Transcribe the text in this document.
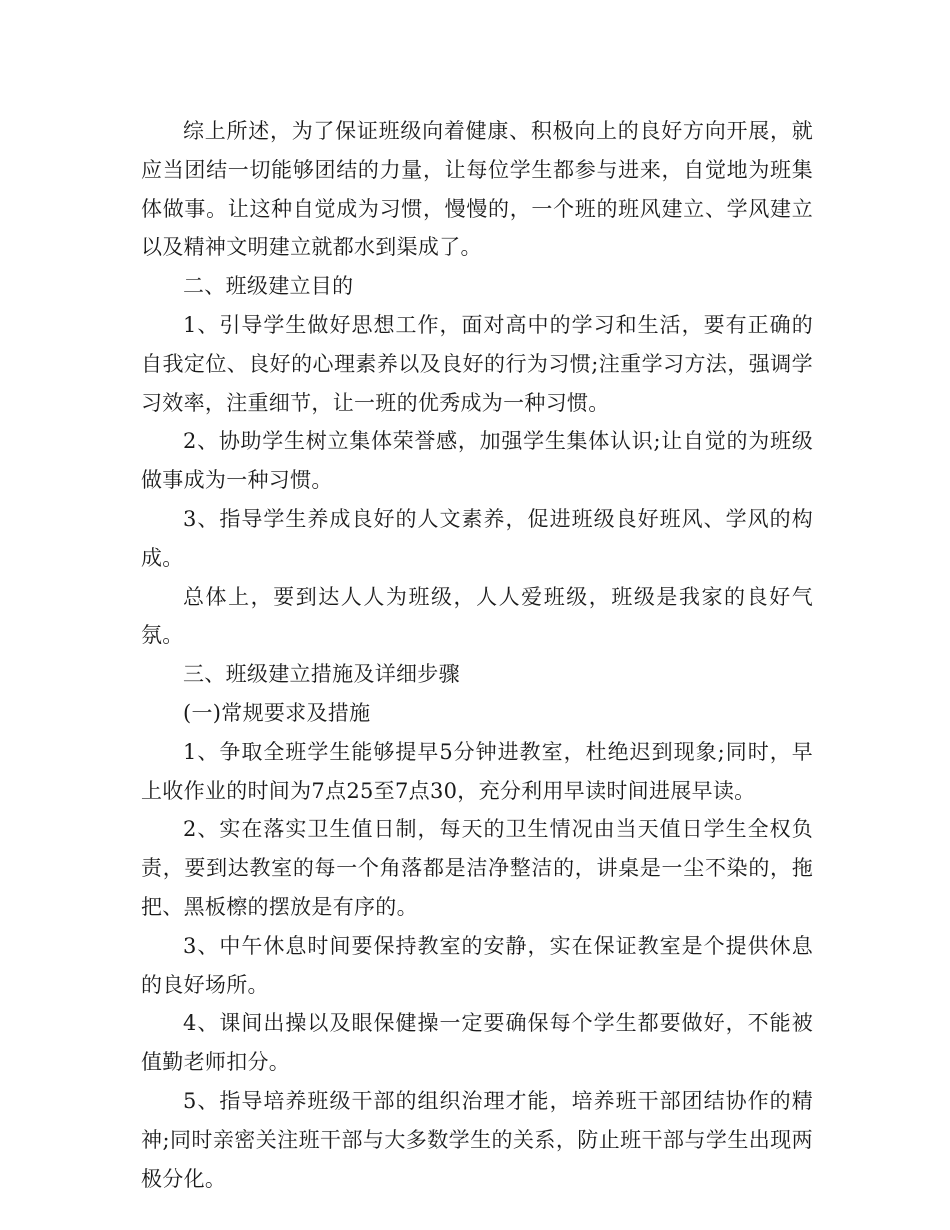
综上所述，为了保证班级向着健康、积极向上的良好方向开展，就应当团结一切能够团结的力量，让每位学生都参与进来，自觉地为班集体做事。让这种自觉成为习惯，慢慢的，一个班的班风建立、学风建立以及精神文明建立就都水到渠成了。

二、班级建立目的

1、引导学生做好思想工作，面对高中的学习和生活，要有正确的自我定位、良好的心理素养以及良好的行为习惯;注重学习方法，强调学习效率，注重细节，让一班的优秀成为一种习惯。

2、协助学生树立集体荣誉感，加强学生集体认识;让自觉的为班级做事成为一种习惯。

3、指导学生养成良好的人文素养，促进班级良好班风、学风的构成。

总体上，要到达人人为班级，人人爱班级，班级是我家的良好气氛。

三、班级建立措施及详细步骤

(一)常规要求及措施

1、争取全班学生能够提早5分钟进教室，杜绝迟到现象;同时，早上收作业的时间为7点25至7点30，充分利用早读时间进展早读。

2、实在落实卫生值日制，每天的卫生情况由当天值日学生全权负责，要到达教室的每一个角落都是洁净整洁的，讲桌是一尘不染的，拖把、黑板檫的摆放是有序的。

3、中午休息时间要保持教室的安静，实在保证教室是个提供休息的良好场所。

4、课间出操以及眼保健操一定要确保每个学生都要做好，不能被值勤老师扣分。

5、指导培养班级干部的组织治理才能，培养班干部团结协作的精神;同时亲密关注班干部与大多数学生的关系，防止班干部与学生出现两极分化。
